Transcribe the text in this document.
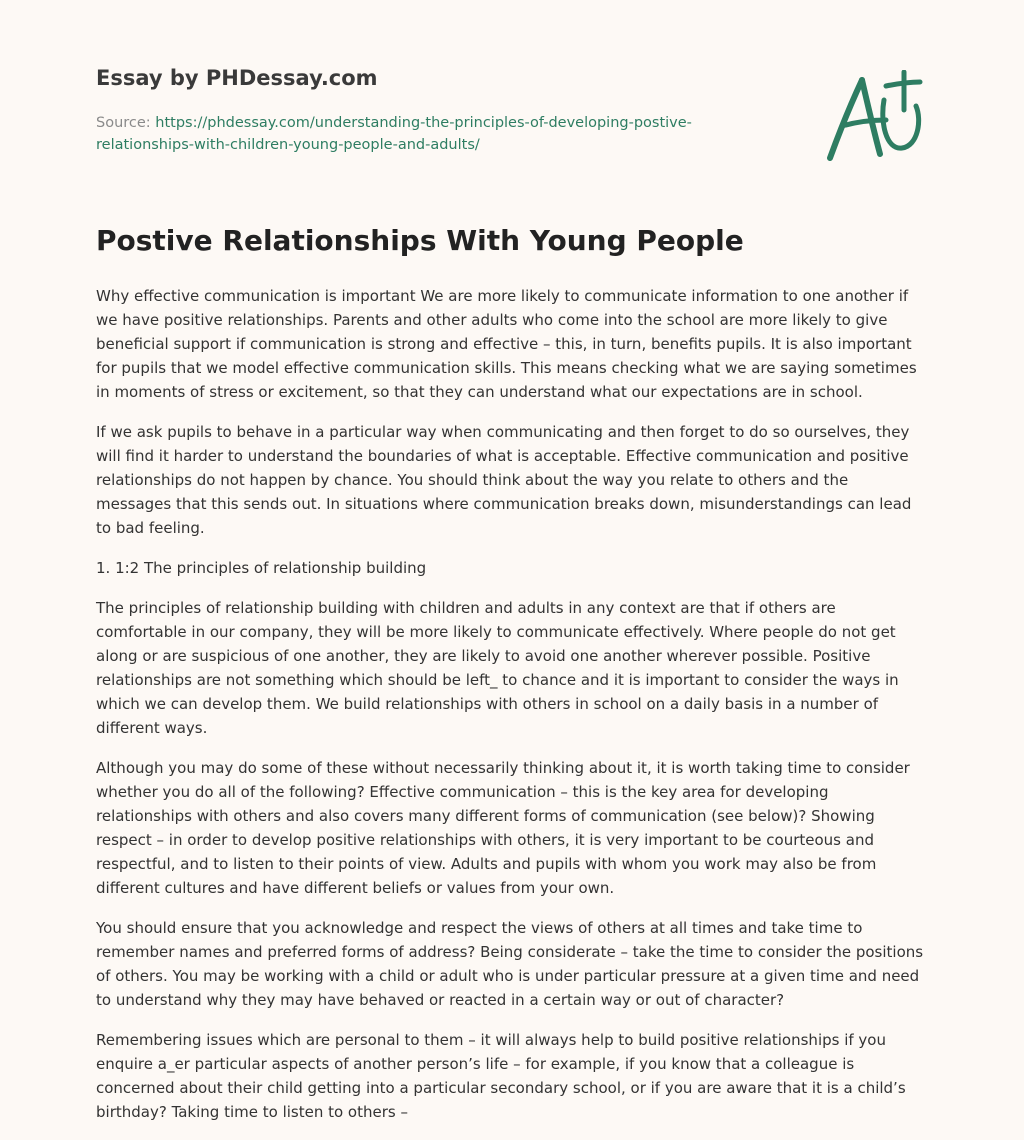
Essay by PHDessay.com
Source: https://phdessay.com/understanding-the-principles-of-developing-postive-relationships-with-children-young-people-and-adults/
Postive Relationships With Young People

Why effective communication is important We are more likely to communicate information to one another if we have positive relationships. Parents and other adults who come into the school are more likely to give beneficial support if communication is strong and effective – this, in turn, benefits pupils. It is also important for pupils that we model effective communication skills. This means checking what we are saying sometimes in moments of stress or excitement, so that they can understand what our expectations are in school.

If we ask pupils to behave in a particular way when communicating and then forget to do so ourselves, they will find it harder to understand the boundaries of what is acceptable. Effective communication and positive relationships do not happen by chance. You should think about the way you relate to others and the messages that this sends out. In situations where communication breaks down, misunderstandings can lead to bad feeling.

1. 1:2 The principles of relationship building

The principles of relationship building with children and adults in any context are that if others are comfortable in our company, they will be more likely to communicate effectively. Where people do not get along or are suspicious of one another, they are likely to avoid one another wherever possible. Positive relationships are not something which should be left_ to chance and it is important to consider the ways in which we can develop them. We build relationships with others in school on a daily basis in a number of different ways.

Although you may do some of these without necessarily thinking about it, it is worth taking time to consider whether you do all of the following? Effective communication – this is the key area for developing relationships with others and also covers many different forms of communication (see below)? Showing respect – in order to develop positive relationships with others, it is very important to be courteous and respectful, and to listen to their points of view. Adults and pupils with whom you work may also be from different cultures and have different beliefs or values from your own.

You should ensure that you acknowledge and respect the views of others at all times and take time to remember names and preferred forms of address? Being considerate – take the time to consider the positions of others. You may be working with a child or adult who is under particular pressure at a given time and need to understand why they may have behaved or reacted in a certain way or out of character?

Remembering issues which are personal to them – it will always help to build positive relationships if you enquire a_er particular aspects of another person’s life – for example, if you know that a colleague is concerned about their child getting into a particular secondary school, or if you are aware that it is a child’s birthday? Taking time to listen to others –
